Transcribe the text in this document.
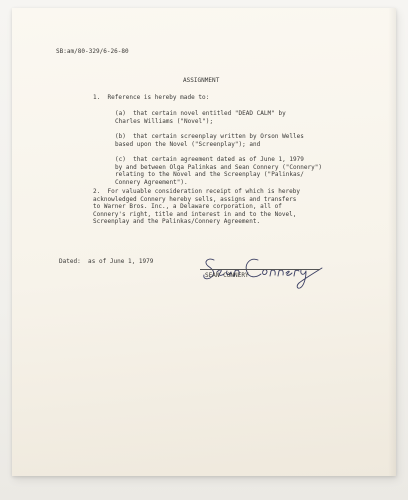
SB:am/80-329/6-26-80
ASSIGNMENT
1.  Reference is hereby made to:
(a)  that certain novel entitled "DEAD CALM" by
Charles Williams ("Novel");
(b)  that certain screenplay written by Orson Welles
based upon the Novel ("Screenplay"); and
(c)  that certain agreement dated as of June 1, 1979
by and between Olga Palinkas and Sean Connery ("Connery")
relating to the Novel and the Screenplay ("Palinkas/
Connery Agreement").
2.  For valuable consideration receipt of which is hereby
acknowledged Connery hereby sells, assigns and transfers
to Warner Bros. Inc., a Delaware corporation, all of
Connery's right, title and interest in and to the Novel,
Screenplay and the Palinkas/Connery Agreement.
Dated:  as of June 1, 1979
SEAN CONNERY
